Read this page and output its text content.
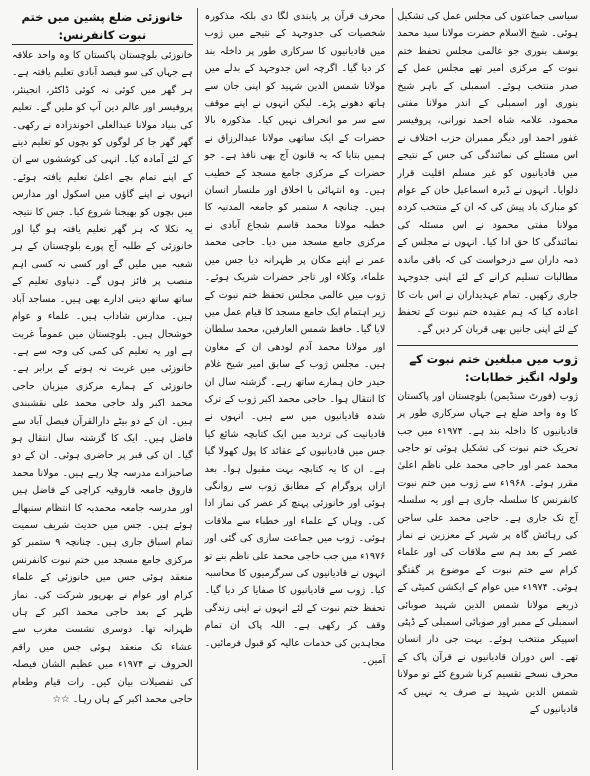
سیاسی جماعتوں کی مجلس عمل کی تشکیل ہوئی۔ شیخ الاسلام حضرت مولانا سید محمد یوسف بنوری جو عالمی مجلس تحفظ ختم نبوت کے مرکزی امیر تھے مجلس عمل کے صدر منتخب ہوئے۔ اسمبلی کے باہر شیخ بنوری اور اسمبلی کے اندر مولانا مفتی محمود، علامہ شاہ احمد نورانی، پروفیسر غفور احمد اور دیگر ممبران حزب اختلاف نے اس مسئلے کی نمائندگی کی جس کے نتیجے میں قادیانیوں کو غیر مسلم اقلیت قرار دلوایا۔ انہوں نے ڈیرہ اسماعیل خان کے عوام کو مبارک باد پیش کی کہ ان کے منتخب کردہ مولانا مفتی محمود نے اس مسئلہ کی نمائندگی کا حق ادا کیا۔ انہوں نے مجلس کے ذمہ داران سے درخواست کی کہ باقی ماندہ مطالبات تسلیم کرانے کے لئے اپنی جدوجہد جاری رکھیں۔ تمام عہدیداران نے اس بات کا اعادہ کیا کہ ہم عقیدہ ختم نبوت کے تحفظ کے لئے اپنی جانیں بھی قربان کر دیں گے۔

ژوب میں مبلغین ختم نبوت کے ولولہ انگیز خطابات:

ژوب (فورٹ سنڈیمن) بلوچستان اور پاکستان کا وہ واحد ضلع ہے جہاں سرکاری طور پر قادیانیوں کا داخلہ بند ہے۔ ۱۹۷۴ء میں جب تحریک ختم نبوت کی تشکیل ہوئی تو حاجی محمد عمر اور حاجی محمد علی ناظم اعلیٰ مقرر ہوئے۔ ۱۹۶۸ء سے ژوب میں ختم نبوت کانفرنس کا سلسلہ جاری ہے اور یہ سلسلہ آج تک جاری ہے۔ حاجی محمد علی ساجن کی رہائش گاہ پر شہر کے معززین نے نماز عصر کے بعد ہم سے ملاقات کی اور علماء کرام سے ختم نبوت کے موضوع پر گفتگو ہوئی۔ ۱۹۷۴ء میں عوام کے ایکشن کمیٹی کے ذریعے مولانا شمس الدین شہید صوبائی اسمبلی کے ممبر اور صوبائی اسمبلی کے ڈپٹی اسپیکر منتخب ہوئے۔ بہت جی دار انسان تھے۔ اس دوران قادیانیوں نے قرآن پاک کے محرف نسخے تقسیم کرنا شروع کئے تو مولانا شمس الدین شہید نے صرف یہ نہیں کہ قادیانیوں کے

محرف قرآن پر پابندی لگا دی بلکہ مذکورہ شخصیات کی جدوجہد کے نتیجے میں ژوب میں قادیانیوں کا سرکاری طور پر داخلہ بند کر دیا گیا۔ اگرچہ اس جدوجہد کے بدلے میں مولانا شمس الدین شہید کو اپنی جان سے ہاتھ دھونے پڑے۔ لیکن انہوں نے اپنے موقف سے سر مو انحراف نہیں کیا۔ مذکورہ بالا حضرات کے ایک ساتھی مولانا عبدالرزاق نے ہمیں بتایا کہ یہ قانون آج بھی نافذ ہے۔ جو حضرات کے مرکزی جامع مسجد کے خطیب ہیں۔ وہ انتہائی با اخلاق اور ملنسار انسان ہیں۔ چنانچہ ۸ ستمبر کو جامعہ المدنیہ کا خطبہ مولانا محمد قاسم شجاع آبادی نے مرکزی جامع مسجد میں دیا۔ حاجی محمد عمر نے اپنے مکان پر ظہرانہ دیا جس میں علماء، وکلاء اور تاجر حضرات شریک ہوئے۔ ژوب میں عالمی مجلس تحفظ ختم نبوت کے زیر اہتمام ایک جامع مسجد کا قیام عمل میں لایا گیا۔ حافظ شمس العارفین، محمد سلطان اور مولانا محمد آدم لودھی ان کے معاون ہیں۔ مجلس ژوب کے سابق امیر شیخ غلام حیدر خان ہمارے ساتھ رہے۔ گزشتہ سال ان کا انتقال ہوا۔ حاجی محمد اکبر ژوب کے ترک شدہ قادیانیوں میں سے ہیں۔ انہوں نے قادیانیت کی تردید میں ایک کتابچہ شائع کیا جس میں قادیانیوں کے عقائد کا پول کھولا گیا ہے۔ ان کا یہ کتابچہ بہت مقبول ہوا۔ بعد ازاں پروگرام کے مطابق ژوب سے روانگی ہوئی اور خانوزئی پہنچ کر عصر کی نماز ادا کی۔ وہاں کے علماء اور خطباء سے ملاقات ہوئی۔ ژوب میں جماعت سازی کی گئی اور ۱۹۷۶ء میں جب حاجی محمد علی ناظم بنے تو انہوں نے قادیانیوں کی سرگرمیوں کا محاسبہ کیا۔ ژوب سے قادیانیوں کا صفایا کر دیا گیا۔ تحفظ ختم نبوت کے لئے انہوں نے اپنی زندگی وقف کر رکھی ہے۔ اللہ پاک ان تمام مجاہدین کی خدمات عالیہ کو قبول فرمائیں۔ آمین۔

خانوزئی ضلع پشین میں ختم نبوت کانفرنس:

خانوزئی بلوچستان پاکستان کا وہ واحد علاقہ ہے جہاں کی سو فیصد آبادی تعلیم یافتہ ہے۔ ہر گھر میں کوئی نہ کوئی ڈاکٹر، انجینئر، پروفیسر اور عالم دین آپ کو ملیں گے۔ تعلیم کی بنیاد مولانا عبدالعلی اخوندزادہ نے رکھی۔ گھر گھر جا کر لوگوں کو بچوں کو تعلیم دینے کے لئے آمادہ کیا۔ انہی کی کوششوں سے ان کے اپنے تمام بچے اعلیٰ تعلیم یافتہ ہوئے۔ انہوں نے اپنے گاؤں میں اسکول اور مدارس میں بچوں کو بھیجنا شروع کیا۔ جس کا نتیجہ یہ نکلا کہ ہر گھر تعلیم یافتہ ہو گیا اور خانوزئی کے طلبہ آج پورے بلوچستان کے ہر شعبہ میں ملیں گے اور کسی نہ کسی اہم منصب پر فائز ہوں گے۔ دنیاوی تعلیم کے ساتھ ساتھ دینی ادارے بھی ہیں۔ مساجد آباد ہیں۔ مدارس شاداب ہیں۔ علماء و عوام خوشحال ہیں۔ بلوچستان میں عموماً غربت ہے اور یہ تعلیم کی کمی کی وجہ سے ہے۔ خانوزئی میں غربت نہ ہونے کے برابر ہے۔ خانوزئی کے ہمارے مرکزی میزبان حاجی محمد اکبر ولد حاجی محمد علی نقشبندی ہیں۔ ان کے دو بیٹے دارالقرآن فیصل آباد سے فاضل ہیں۔ ایک کا گزشتہ سال انتقال ہو گیا۔ ان کی قبر پر حاضری ہوئی۔ ان کے دو صاحبزادے مدرسہ چلا رہے ہیں۔ مولانا محمد فاروق جامعہ فاروقیہ کراچی کے فاضل ہیں اور مدرسہ جامعہ محمدیہ کا انتظام سنبھالے ہوئے ہیں۔ جس میں حدیث شریف سمیت تمام اسباق جاری ہیں۔ چنانچہ ۹ ستمبر کو مرکزی جامع مسجد میں ختم نبوت کانفرنس منعقد ہوئی جس میں خانوزئی کے علماء کرام اور عوام نے بھرپور شرکت کی۔ نماز ظہر کے بعد حاجی محمد اکبر کے ہاں ظہرانہ تھا۔ دوسری نشست مغرب سے عشاء تک منعقد ہوئی جس میں راقم الحروف نے ۱۹۷۴ء میں عظیم الشان فیصلہ کی تفصیلات بیان کیں۔ رات قیام وطعام حاجی محمد اکبر کے ہاں رہا۔ ☆☆
